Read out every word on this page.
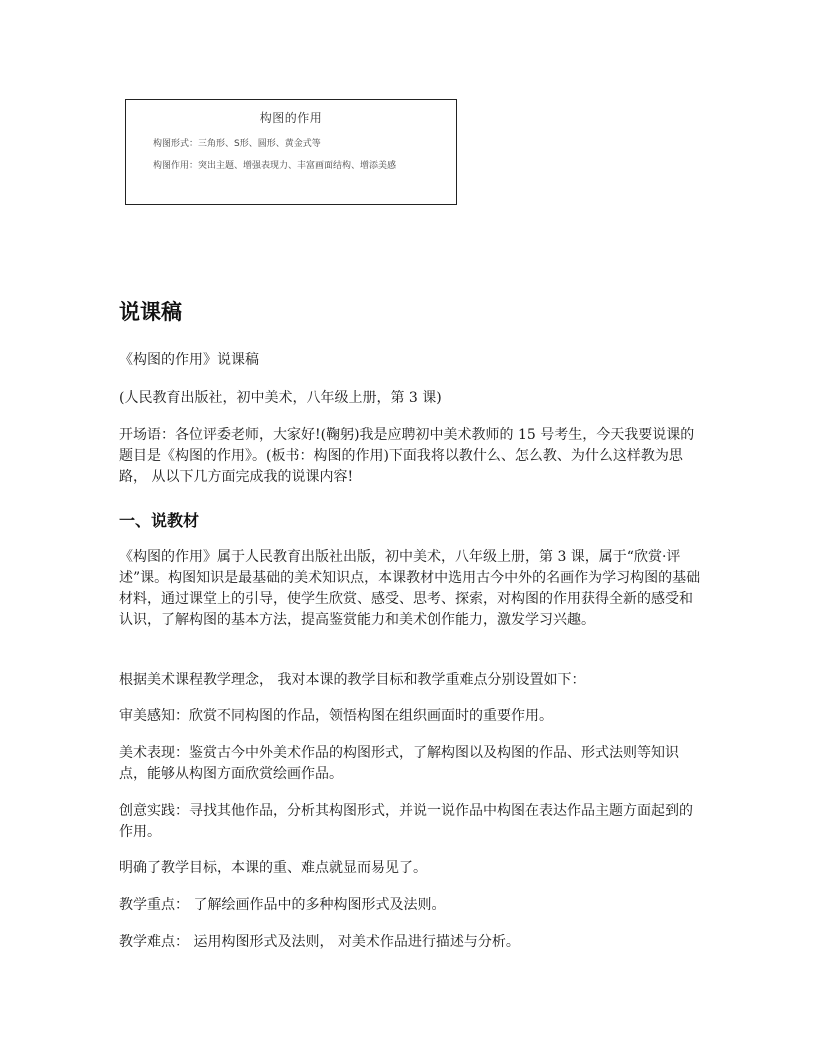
构图的作用
构图形式：三角形、S形、圆形、黄金式等
构图作用：突出主题、增强表现力、丰富画面结构、增添美感
说课稿

《构图的作用》说课稿

(人民教育出版社，初中美术，八年级上册，第 3 课)

开场语：各位评委老师，大家好!(鞠躬)我是应聘初中美术教师的 15 号考生，今天我要说课的题目是《构图的作用》。(板书：构图的作用)下面我将以教什么、怎么教、为什么这样教为思路， 从以下几方面完成我的说课内容!

一、说教材

《构图的作用》属于人民教育出版社出版，初中美术，八年级上册，第 3 课，属于“欣赏·评述”课。构图知识是最基础的美术知识点，本课教材中选用古今中外的名画作为学习构图的基础材料，通过课堂上的引导，使学生欣赏、感受、思考、探索，对构图的作用获得全新的感受和认识，了解构图的基本方法，提高鉴赏能力和美术创作能力，激发学习兴趣。

根据美术课程教学理念， 我对本课的教学目标和教学重难点分别设置如下：

审美感知：欣赏不同构图的作品，领悟构图在组织画面时的重要作用。

美术表现：鉴赏古今中外美术作品的构图形式，了解构图以及构图的作品、形式法则等知识点，能够从构图方面欣赏绘画作品。

创意实践：寻找其他作品，分析其构图形式，并说一说作品中构图在表达作品主题方面起到的作用。

明确了教学目标，本课的重、难点就显而易见了。

教学重点： 了解绘画作品中的多种构图形式及法则。

教学难点： 运用构图形式及法则， 对美术作品进行描述与分析。
